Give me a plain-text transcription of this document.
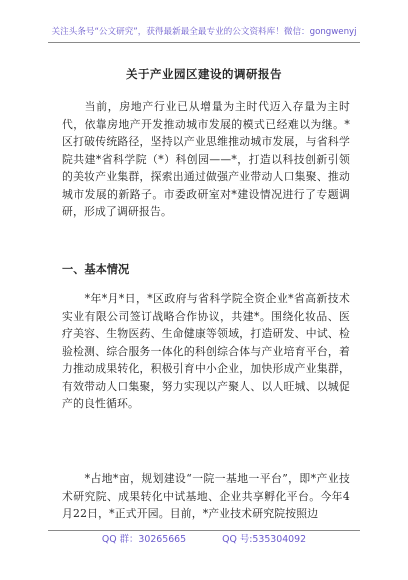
关注头条号“公文研究”，获得最新最全最专业的公文资料库！微信：gongwenyj
关于产业园区建设的调研报告
当前，房地产行业已从增量为主时代迈入存量为主时代，依靠房地产开发推动城市发展的模式已经难以为继。*区打破传统路径，坚持以产业思维推动城市发展，与省科学院共建*省科学院（*）科创园——*，打造以科技创新引领的美妆产业集群，探索出通过做强产业带动人口集聚、推动城市发展的新路子。市委政研室对*建设情况进行了专题调研，形成了调研报告。
一、基本情况
*年*月*日，*区政府与省科学院全资企业*省高新技术实业有限公司签订战略合作协议，共建*。围绕化妆品、医疗美容、生物医药、生命健康等领域，打造研发、中试、检验检测、综合服务一体化的科创综合体与产业培育平台，着力推动成果转化，积极引育中小企业，加快形成产业集群，有效带动人口集聚，努力实现以产聚人、以人旺城、以城促产的良性循环。
*占地*亩，规划建设“一院一基地一平台”，即*产业技术研究院、成果转化中试基地、企业共享孵化平台。今年4月22日，*正式开园。目前，*产业技术研究院按照边
QQ 群：30265665	QQ 号:535304092
